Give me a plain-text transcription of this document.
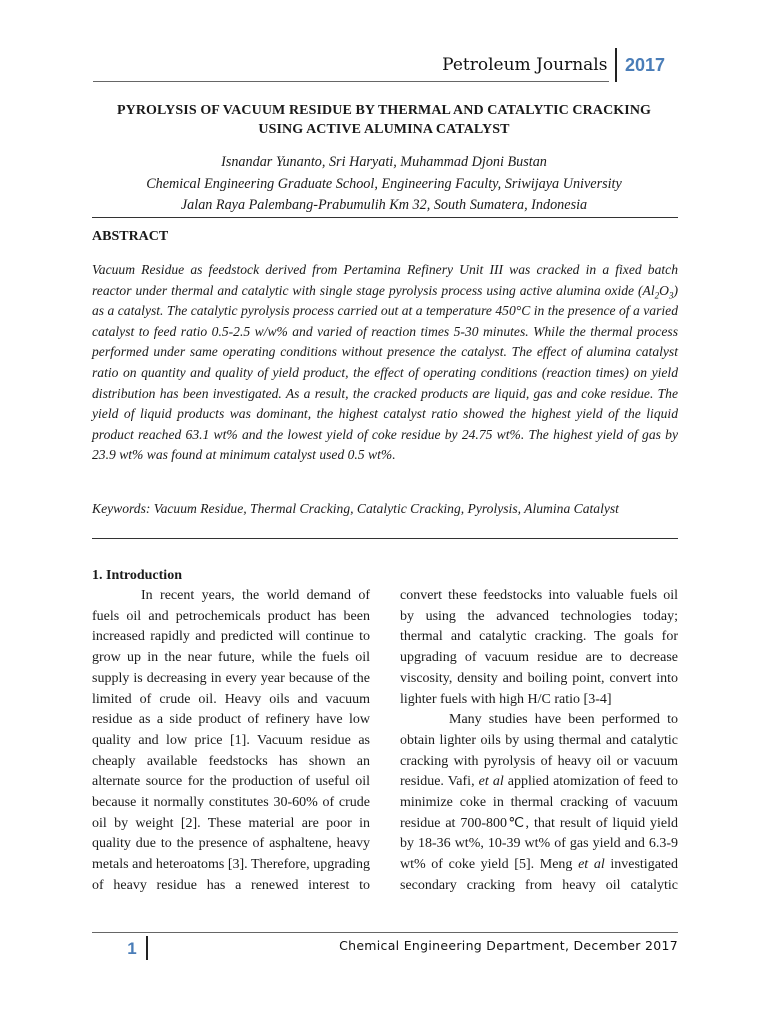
Petroleum Journals 2017
PYROLYSIS OF VACUUM RESIDUE BY THERMAL AND CATALYTIC CRACKING
USING ACTIVE ALUMINA CATALYST
Isnandar Yunanto, Sri Haryati, Muhammad Djoni Bustan
Chemical Engineering Graduate School, Engineering Faculty, Sriwijaya University
Jalan Raya Palembang-Prabumulih Km 32, South Sumatera, Indonesia
ABSTRACT
Vacuum Residue as feedstock derived from Pertamina Refinery Unit III was cracked in a fixed batch reactor under thermal and catalytic with single stage pyrolysis process using active alumina oxide $(Al_2O_3)$ as a catalyst. The catalytic pyrolysis process carried out at a temperature 450°C in the presence of a varied catalyst to feed ratio 0.5-2.5 w/w% and varied of reaction times 5-30 minutes. While the thermal process performed under same operating conditions without presence the catalyst. The effect of alumina catalyst ratio on quantity and quality of yield product, the effect of operating conditions (reaction times) on yield distribution has been investigated. As a result, the cracked products are liquid, gas and coke residue. The yield of liquid products was dominant, the highest catalyst ratio showed the highest yield of the liquid product reached 63.1 wt% and the lowest yield of coke residue by 24.75 wt%. The highest yield of gas by 23.9 wt% was found at minimum catalyst used 0.5 wt%.
Keywords: Vacuum Residue, Thermal Cracking, Catalytic Cracking, Pyrolysis, Alumina Catalyst
1. Introduction
In recent years, the world demand of fuels oil and petrochemicals product has been increased rapidly and predicted will continue to grow up in the near future, while the fuels oil supply is decreasing in every year because of the limited of crude oil. Heavy oils and vacuum residue as a side product of refinery have low quality and low price [1]. Vacuum residue as cheaply available feedstocks has shown an alternate source for the production of useful oil because it normally constitutes 30-60% of crude oil by weight [2]. These material are poor in quality due to the presence of asphaltene, heavy metals and heteroatoms [3]. Therefore, upgrading of heavy residue has a renewed interest to
convert these feedstocks into valuable fuels oil by using the advanced technologies today; thermal and catalytic cracking. The goals for upgrading of vacuum residue are to decrease viscosity, density and boiling point, convert into lighter fuels with high H/C ratio [3-4]
Many studies have been performed to obtain lighter oils by using thermal and catalytic cracking with pyrolysis of heavy oil or vacuum residue. Vafi, et al applied atomization of feed to minimize coke in thermal cracking of vacuum residue at 700-800℃, that result of liquid yield by 18-36 wt%, 10-39 wt% of gas yield and 6.3-9 wt% of coke yield [5]. Meng et al investigated secondary cracking from heavy oil catalytic
1	Chemical Engineering Department, December 2017
